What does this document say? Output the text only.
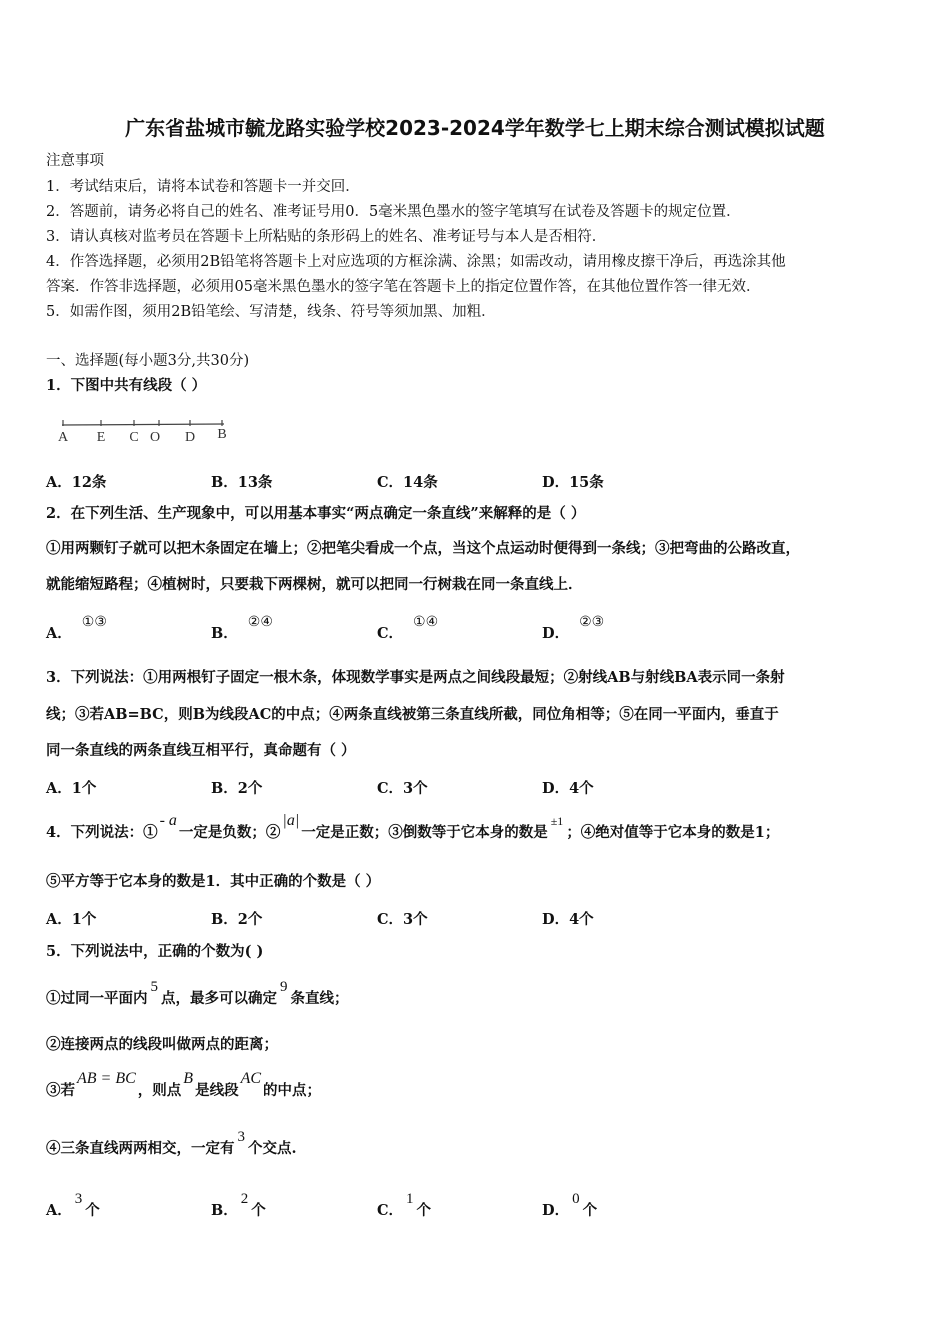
广东省盐城市毓龙路实验学校2023-2024学年数学七上期末综合测试模拟试题
注意事项
1．考试结束后，请将本试卷和答题卡一并交回．
2．答题前，请务必将自己的姓名、准考证号用0．5毫米黑色墨水的签字笔填写在试卷及答题卡的规定位置．
3．请认真核对监考员在答题卡上所粘贴的条形码上的姓名、准考证号与本人是否相符．
4．作答选择题，必须用2B铅笔将答题卡上对应选项的方框涂满、涂黑；如需改动，请用橡皮擦干净后，再选涂其他
答案．作答非选择题，必须用05毫米黑色墨水的签字笔在答题卡上的指定位置作答，在其他位置作答一律无效．
5．如需作图，须用2B铅笔绘、写清楚，线条、符号等须加黑、加粗．
一、选择题(每小题3分,共30分)
1．下图中共有线段（ ）
A E C O D B
A．12条	B．13条	C．14条	D．15条
2．在下列生活、生产现象中，可以用基本事实“两点确定一条直线”来解释的是（ ）
①用两颗钉子就可以把木条固定在墙上；②把笔尖看成一个点，当这个点运动时便得到一条线；③把弯曲的公路改直，
就能缩短路程；④植树时，只要栽下两棵树，就可以把同一行树栽在同一条直线上．
A．①③
B．②④
C．①④
D．②③
3．下列说法：①用两根钉子固定一根木条，体现数学事实是两点之间线段最短；②射线AB与射线BA表示同一条射
线；③若AB=BC，则B为线段AC的中点；④两条直线被第三条直线所截，同位角相等；⑤在同一平面内，垂直于
同一条直线的两条直线互相平行，真命题有（ ）
A．1个	B．2个	C．3个	D．4个
4．下列说法：①- a一定是负数；②|a|一定是正数；③倒数等于它本身的数是$^{\pm 1}$；④绝对值等于它本身的数是1；
⑤平方等于它本身的数是1．其中正确的个数是（ ）
A．1个	B．2个	C．3个	D．4个
5．下列说法中，正确的个数为( )
①过同一平面内5点，最多可以确定9条直线；
②连接两点的线段叫做两点的距离；
③若AB = BC，则点B是线段AC的中点；
④三条直线两两相交，一定有3个交点.
A．3个	B．2个	C．1个	D．0个
